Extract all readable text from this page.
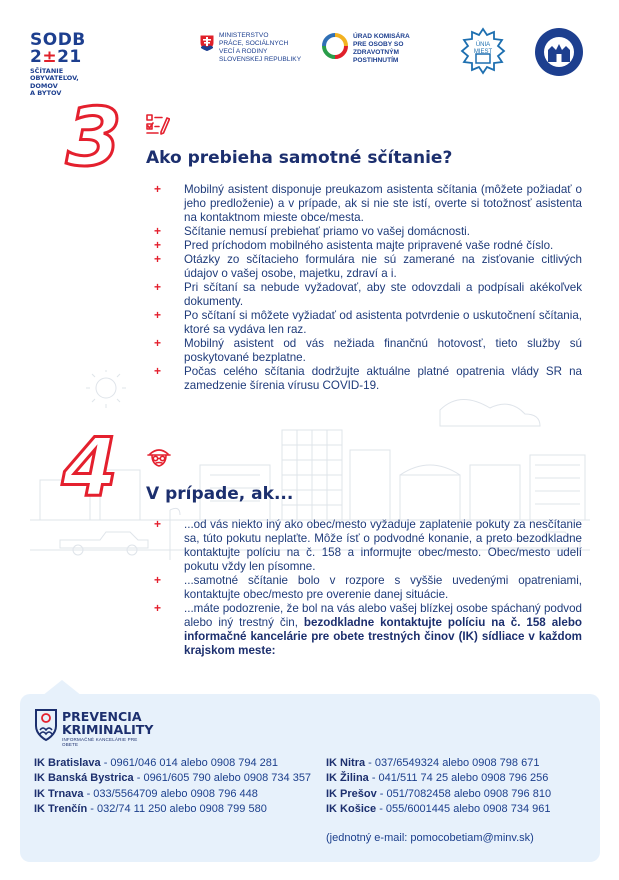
SODB
2±21
SČÍTANIE
OBYVATEĽOV,
DOMOV
A BYTOV
MINISTERSTVO
PRÁCE, SOCIÁLNYCH
VECÍ A RODINY
SLOVENSKEJ REPUBLIKY
ÚRAD KOMISÁRA
PRE OSOBY SO ZDRAVOTNÝM
POSTIHNUTÍM
ÚNIA
MIEST
3 Ako prebieha samotné sčítanie?
+ Mobilný asistent disponuje preukazom asistenta sčítania (môžete požiadať o jeho predloženie) a v prípade, ak si nie ste istí, overte si totožnosť asistenta na kontaktnom mieste obce/mesta.
+ Sčítanie nemusí prebiehať priamo vo vašej domácnosti.
+ Pred príchodom mobilného asistenta majte pripravené vaše rodné číslo.
+ Otázky zo sčítacieho formulára nie sú zamerané na zisťovanie citlivých údajov o vašej osobe, majetku, zdraví a i.
+ Pri sčítaní sa nebude vyžadovať, aby ste odovzdali a podpísali akékoľvek dokumenty.
+ Po sčítaní si môžete vyžiadať od asistenta potvrdenie o uskutočnení sčítania, ktoré sa vydáva len raz.
+ Mobilný asistent od vás nežiada finančnú hotovosť, tieto služby sú poskytované bezplatne.
+ Počas celého sčítania dodržujte aktuálne platné opatrenia vlády SR na zamedzenie šírenia vírusu COVID-19.
4 V prípade, ak...
+ ...od vás niekto iný ako obec/mesto vyžaduje zaplatenie pokuty za nesčítanie sa, túto pokutu neplaťte. Môže ísť o podvodné konanie, a preto bezodkladne kontaktujte políciu na č. 158 a informujte obec/mesto. Obec/mesto udelí pokutu vždy len písomne.
+ ...samotné sčítanie bolo v rozpore s vyššie uvedenými opatreniami, kontaktujte obec/mesto pre overenie danej situácie.
+ ...máte podozrenie, že bol na vás alebo vašej blízkej osobe spáchaný podvod alebo iný trestný čin, bezodkladne kontaktujte políciu na č. 158 alebo informačné kancelárie pre obete trestných činov (IK) sídliace v každom krajskom meste:
PREVENCIA
KRIMINALITY
INFORMAČNÉ KANCELÁRIE PRE OBETE
IK Bratislava - 0961/046 014 alebo 0908 794 281
IK Banská Bystrica - 0961/605 790 alebo 0908 734 357
IK Trnava - 033/5564709 alebo 0908 796 448
IK Trenčín - 032/74 11 250 alebo 0908 799 580
IK Nitra - 037/6549324 alebo 0908 798 671
IK Žilina - 041/511 74 25 alebo 0908 796 256
IK Prešov - 051/7082458 alebo 0908 796 810
IK Košice - 055/6001445 alebo 0908 734 961
(jednotný e-mail: pomocobetiam@minv.sk)
